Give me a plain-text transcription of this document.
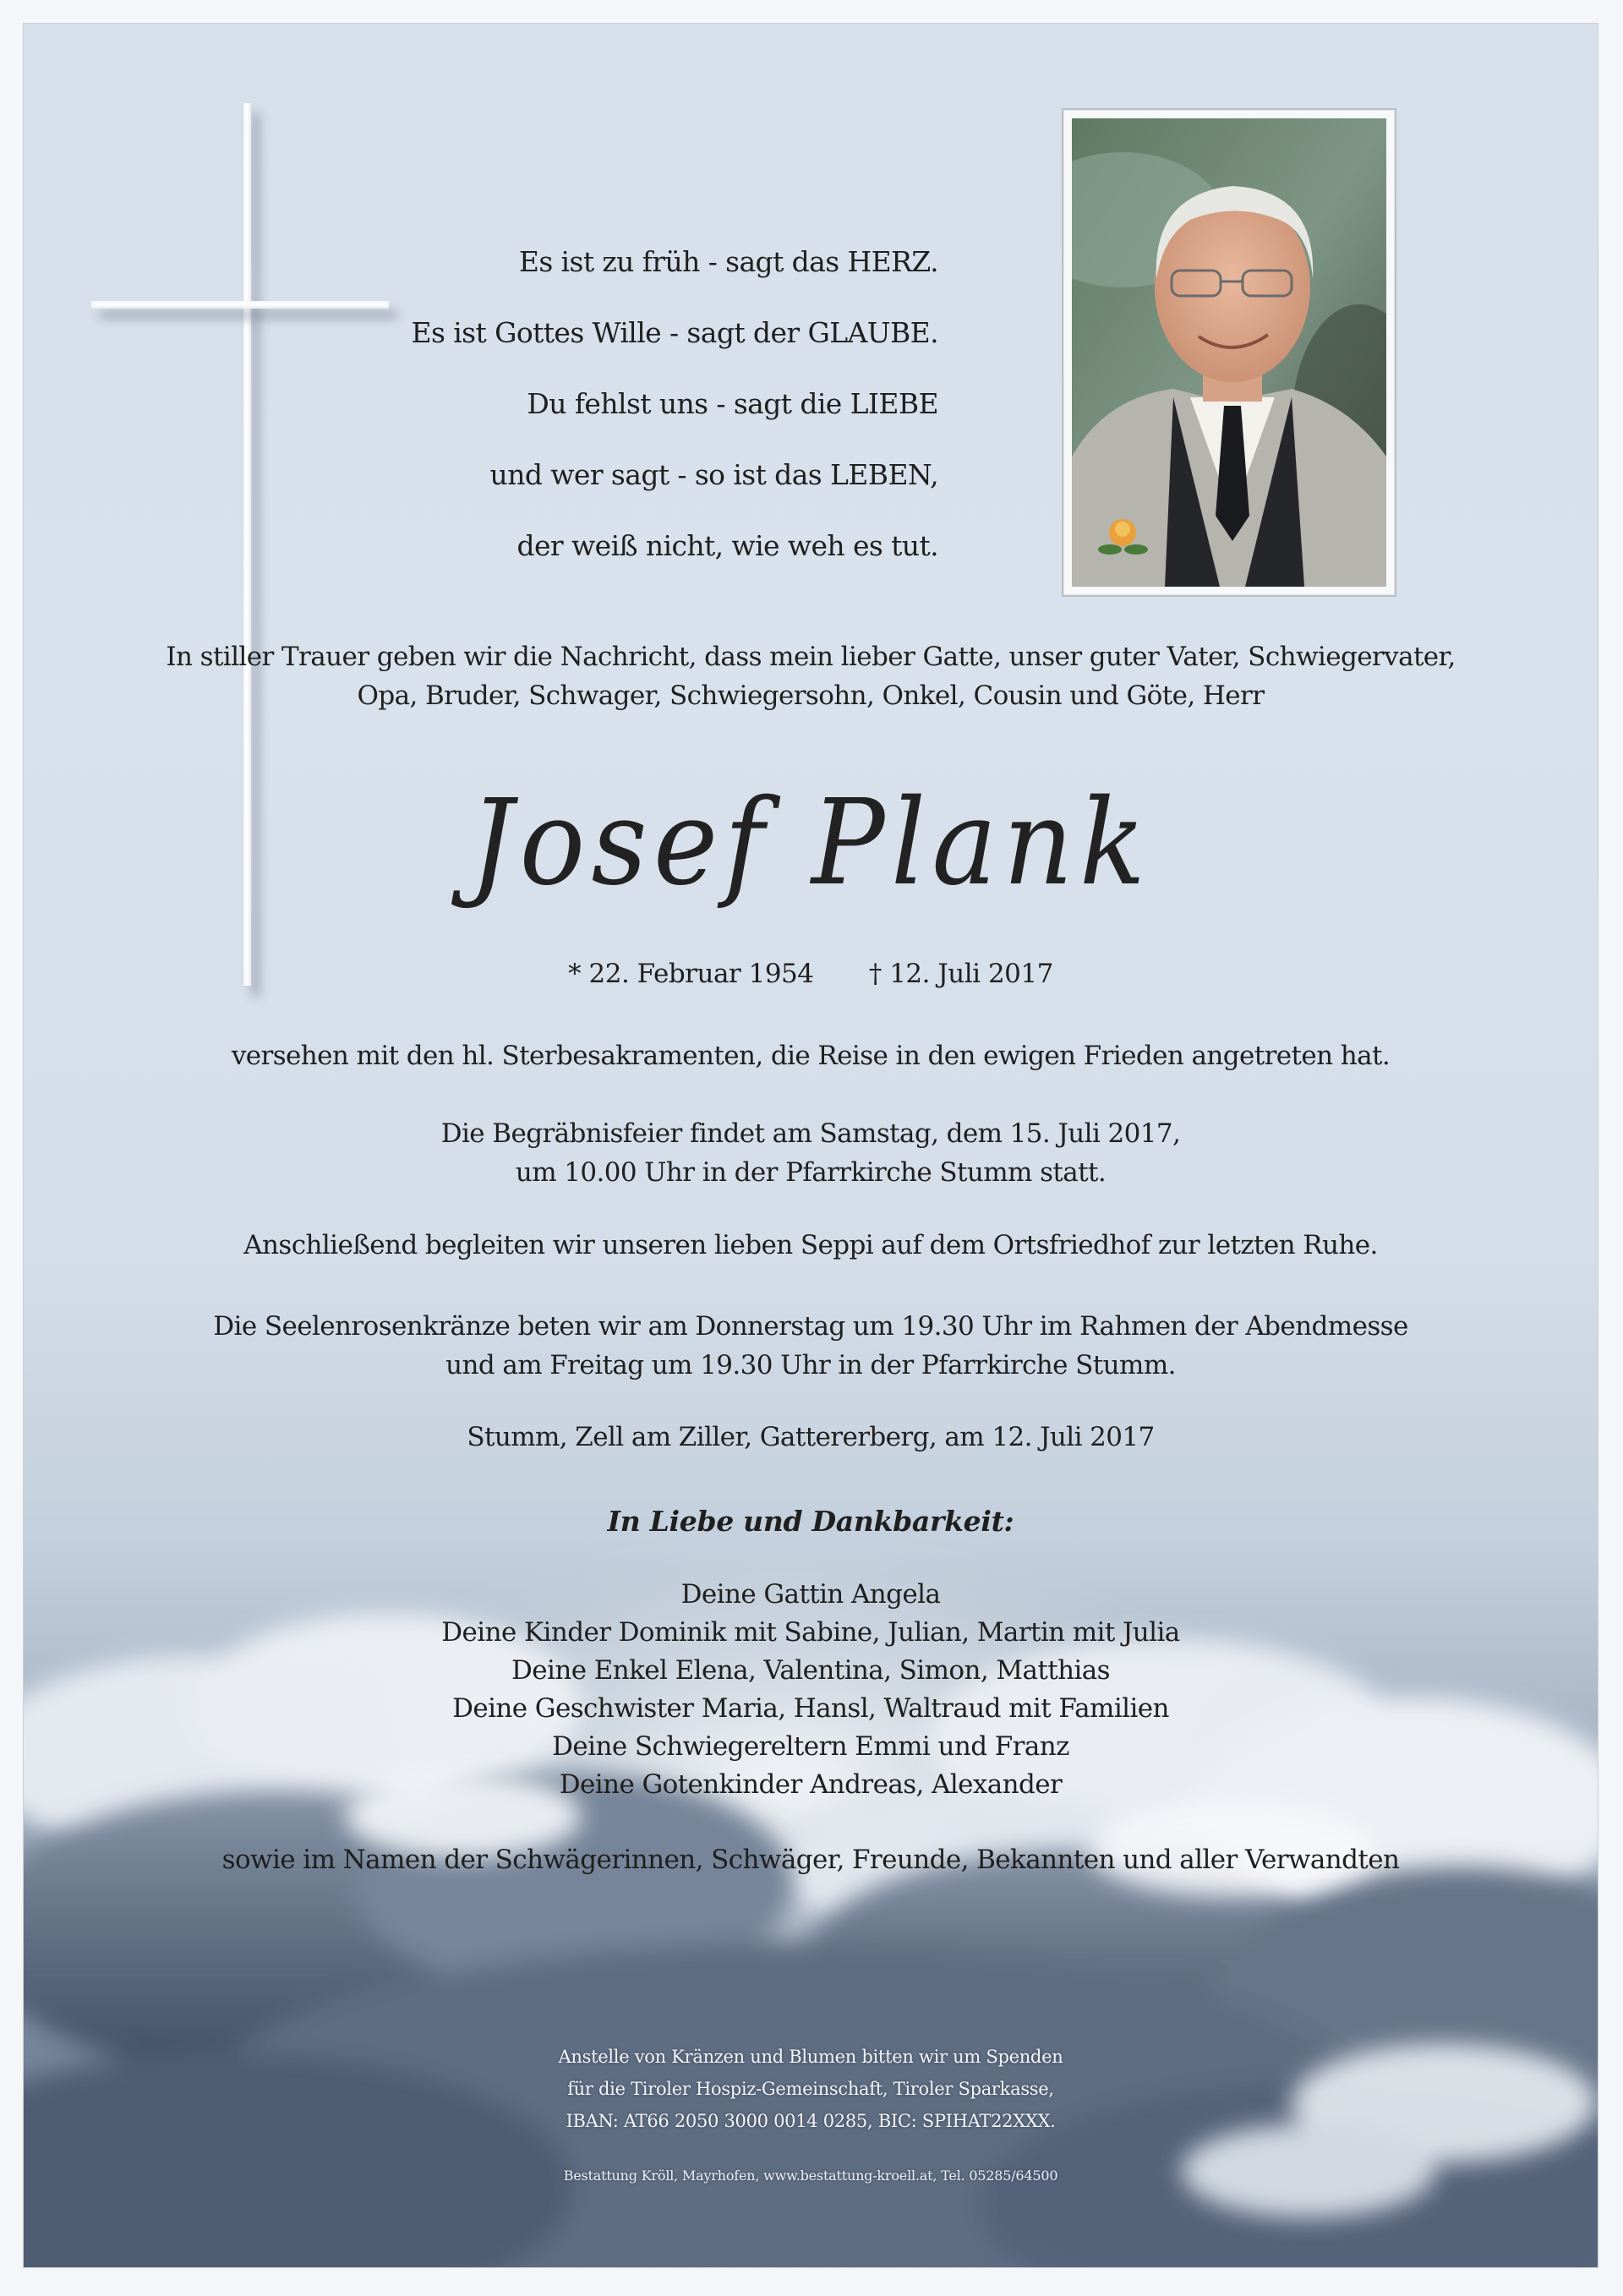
Es ist zu früh - sagt das HERZ.
Es ist Gottes Wille - sagt der GLAUBE.
Du fehlst uns - sagt die LIEBE
und wer sagt - so ist das LEBEN,
der weiß nicht, wie weh es tut.
In stiller Trauer geben wir die Nachricht, dass mein lieber Gatte, unser guter Vater, Schwiegervater,
Opa, Bruder, Schwager, Schwiegersohn, Onkel, Cousin und Göte, Herr
Josef Plank
* 22. Februar 1954 † 12. Juli 2017
versehen mit den hl. Sterbesakramenten, die Reise in den ewigen Frieden angetreten hat.
Die Begräbnisfeier findet am Samstag, dem 15. Juli 2017,
um 10.00 Uhr in der Pfarrkirche Stumm statt.
Anschließend begleiten wir unseren lieben Seppi auf dem Ortsfriedhof zur letzten Ruhe.
Die Seelenrosenkränze beten wir am Donnerstag um 19.30 Uhr im Rahmen der Abendmesse
und am Freitag um 19.30 Uhr in der Pfarrkirche Stumm.
Stumm, Zell am Ziller, Gattererberg, am 12. Juli 2017
In Liebe und Dankbarkeit:
Deine Gattin Angela
Deine Kinder Dominik mit Sabine, Julian, Martin mit Julia
Deine Enkel Elena, Valentina, Simon, Matthias
Deine Geschwister Maria, Hansl, Waltraud mit Familien
Deine Schwiegereltern Emmi und Franz
Deine Gotenkinder Andreas, Alexander
sowie im Namen der Schwägerinnen, Schwäger, Freunde, Bekannten und aller Verwandten
Anstelle von Kränzen und Blumen bitten wir um Spenden
für die Tiroler Hospiz-Gemeinschaft, Tiroler Sparkasse,
IBAN: AT66 2050 3000 0014 0285, BIC: SPIHAT22XXX.
Bestattung Kröll, Mayrhofen, www.bestattung-kroell.at, Tel. 05285/64500
